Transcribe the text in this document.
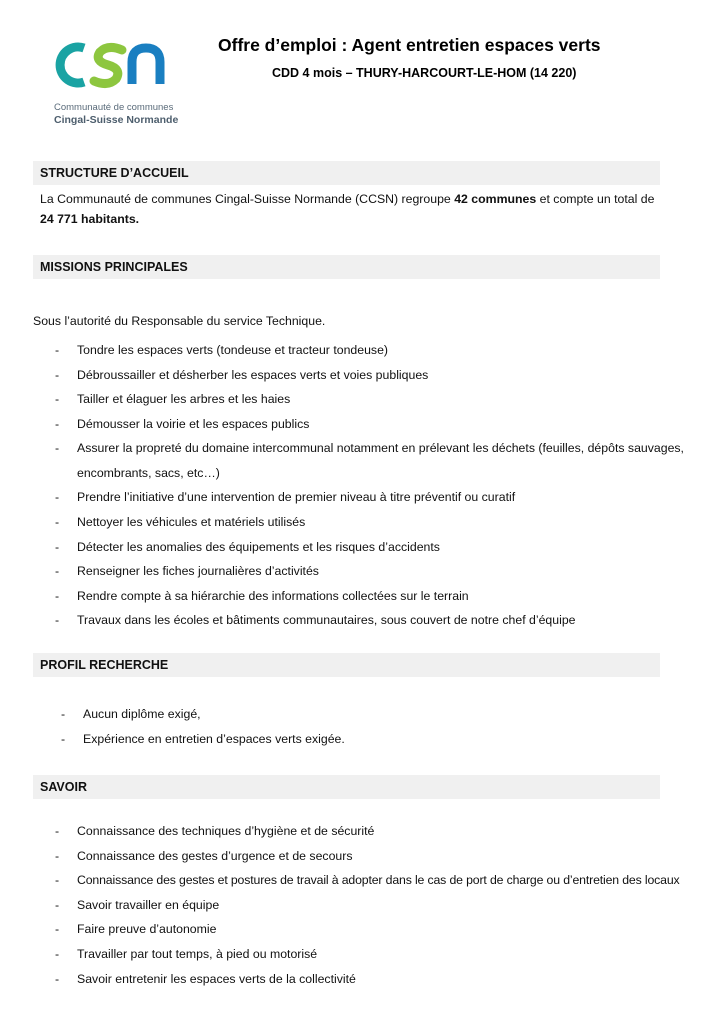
Communauté de communes
Cingal-Suisse Normande
Offre d’emploi : Agent entretien espaces verts
CDD 4 mois – THURY-HARCOURT-LE-HOM (14 220)
STRUCTURE D’ACCUEIL
La Communauté de communes Cingal-Suisse Normande (CCSN) regroupe 42 communes et compte un total de
24 771 habitants.
MISSIONS PRINCIPALES
Sous l’autorité du Responsable du service Technique.
- Tondre les espaces verts (tondeuse et tracteur tondeuse)
- Débroussailler et désherber les espaces verts et voies publiques
- Tailler et élaguer les arbres et les haies
- Démousser la voirie et les espaces publics
- Assurer la propreté du domaine intercommunal notamment en prélevant les déchets (feuilles, dépôts sauvages, encombrants, sacs, etc…)
- Prendre l’initiative d’une intervention de premier niveau à titre préventif ou curatif
- Nettoyer les véhicules et matériels utilisés
- Détecter les anomalies des équipements et les risques d’accidents
- Renseigner les fiches journalières d’activités
- Rendre compte à sa hiérarchie des informations collectées sur le terrain
- Travaux dans les écoles et bâtiments communautaires, sous couvert de notre chef d’équipe
PROFIL RECHERCHE
- Aucun diplôme exigé,
- Expérience en entretien d’espaces verts exigée.
SAVOIR
- Connaissance des techniques d’hygiène et de sécurité
- Connaissance des gestes d’urgence et de secours
- Connaissance des gestes et postures de travail à adopter dans le cas de port de charge ou d’entretien des locaux
- Savoir travailler en équipe
- Faire preuve d’autonomie
- Travailler par tout temps, à pied ou motorisé
- Savoir entretenir les espaces verts de la collectivité
